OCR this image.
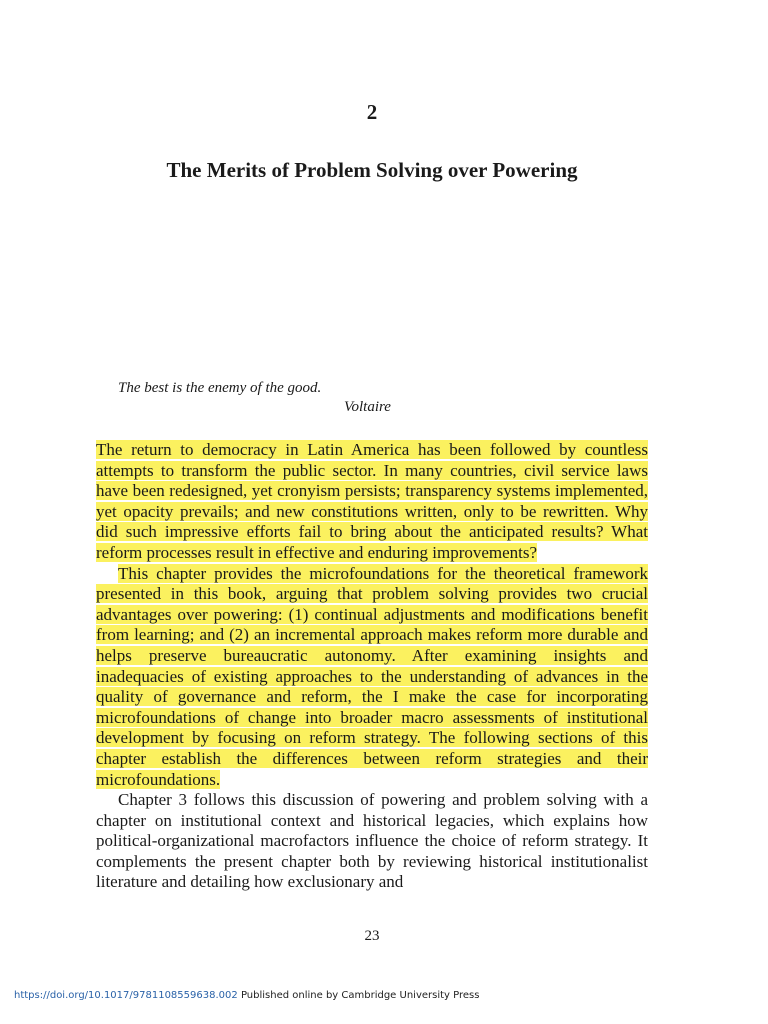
2
The Merits of Problem Solving over Powering
The best is the enemy of the good.
Voltaire

The return to democracy in Latin America has been followed by countless attempts to transform the public sector. In many countries, civil service laws have been redesigned, yet cronyism persists; transparency systems implemented, yet opacity prevails; and new constitutions written, only to be rewritten. Why did such impressive efforts fail to bring about the anticipated results? What reform processes result in effective and enduring improvements?

This chapter provides the microfoundations for the theoretical framework presented in this book, arguing that problem solving provides two crucial advantages over powering: (1) continual adjustments and modifications benefit from learning; and (2) an incremental approach makes reform more durable and helps preserve bureaucratic autonomy. After examining insights and inadequacies of existing approaches to the understanding of advances in the quality of governance and reform, the I make the case for incorporating microfoundations of change into broader macro assessments of institutional development by focusing on reform strategy. The following sections of this chapter establish the differences between reform strategies and their microfoundations.

Chapter 3 follows this discussion of powering and problem solving with a chapter on institutional context and historical legacies, which explains how political-organizational macrofactors influence the choice of reform strategy. It complements the present chapter both by reviewing historical institutionalist literature and detailing how exclusionary and

23
https://doi.org/10.1017/9781108559638.002 Published online by Cambridge University Press
